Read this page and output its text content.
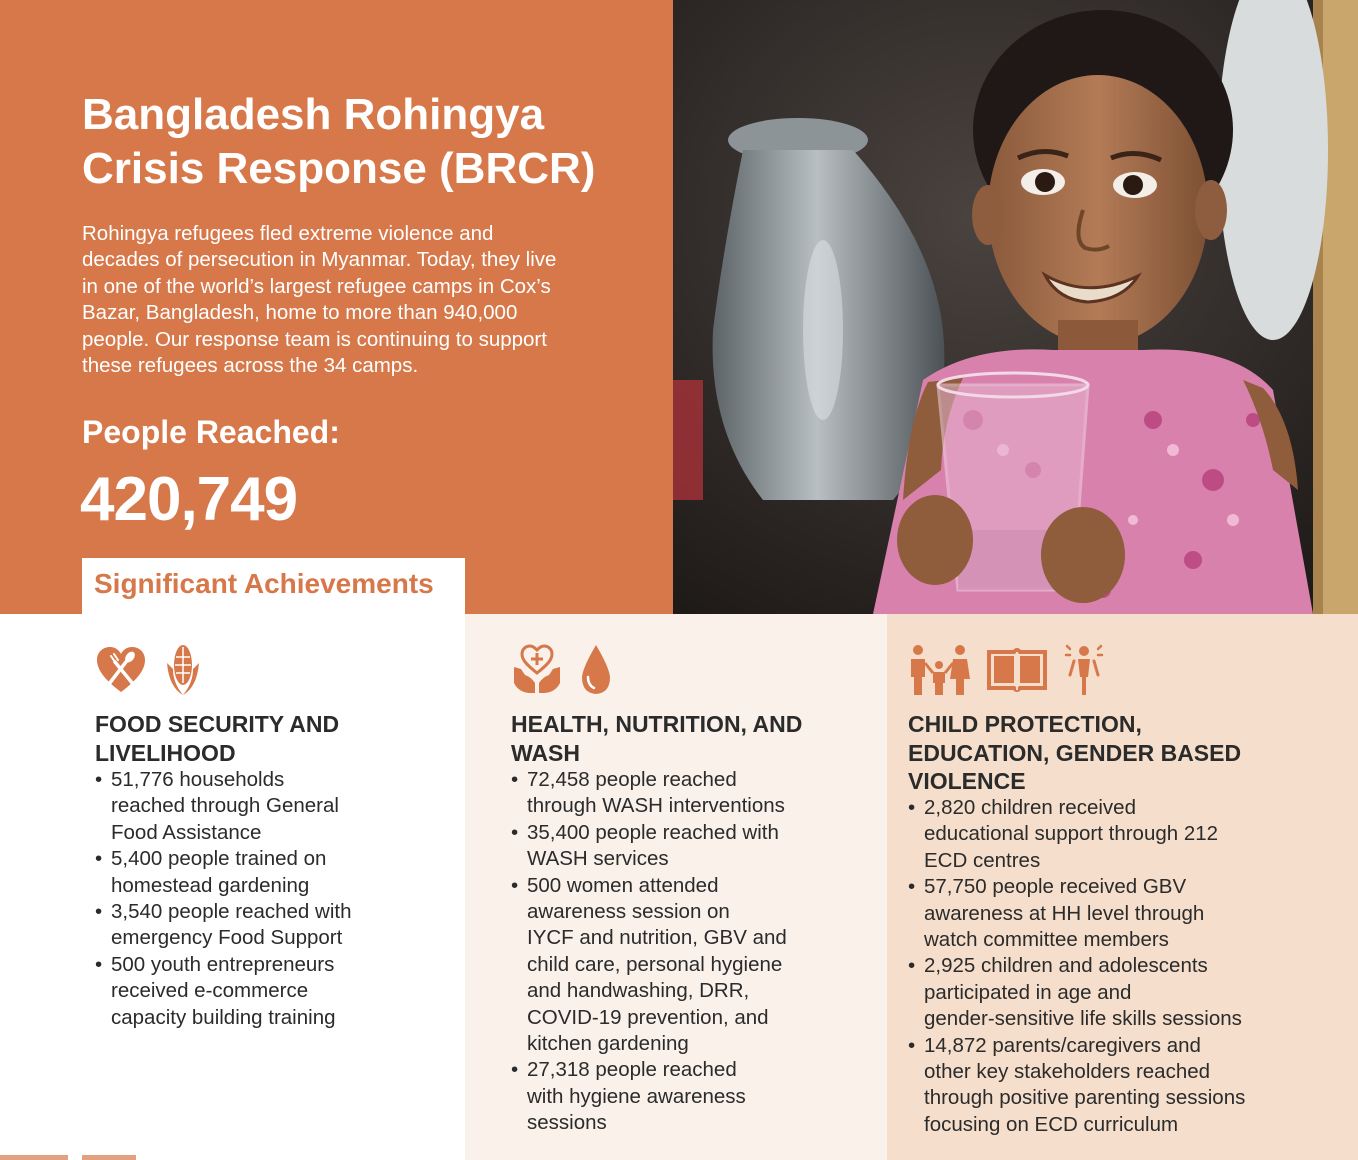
Bangladesh Rohingya
Crisis Response (BRCR)

Rohingya refugees fled extreme violence and
decades of persecution in Myanmar. Today, they live
in one of the world’s largest refugee camps in Cox’s
Bazar, Bangladesh, home to more than 940,000
people. Our response team is continuing to support
these refugees across the 34 camps.

People Reached:

420,749

Significant Achievements

FOOD SECURITY AND
LIVELIHOOD
• 51,776 households
reached through General
Food Assistance
• 5,400 people trained on
homestead gardening
• 3,540 people reached with
emergency Food Support
• 500 youth entrepreneurs
received e-commerce
capacity building training
HEALTH, NUTRITION, AND
WASH
• 72,458 people reached
through WASH interventions
• 35,400 people reached with
WASH services
• 500 women attended
awareness session on
IYCF and nutrition, GBV and
child care, personal hygiene
and handwashing, DRR,
COVID-19 prevention, and
kitchen gardening
• 27,318 people reached
with hygiene awareness
sessions
CHILD PROTECTION,
EDUCATION, GENDER BASED
VIOLENCE
• 2,820 children received
educational support through 212
ECD centres
• 57,750 people received GBV
awareness at HH level through
watch committee members
• 2,925 children and adolescents
participated in age and
gender-sensitive life skills sessions
• 14,872 parents/caregivers and
other key stakeholders reached
through positive parenting sessions
focusing on ECD curriculum
